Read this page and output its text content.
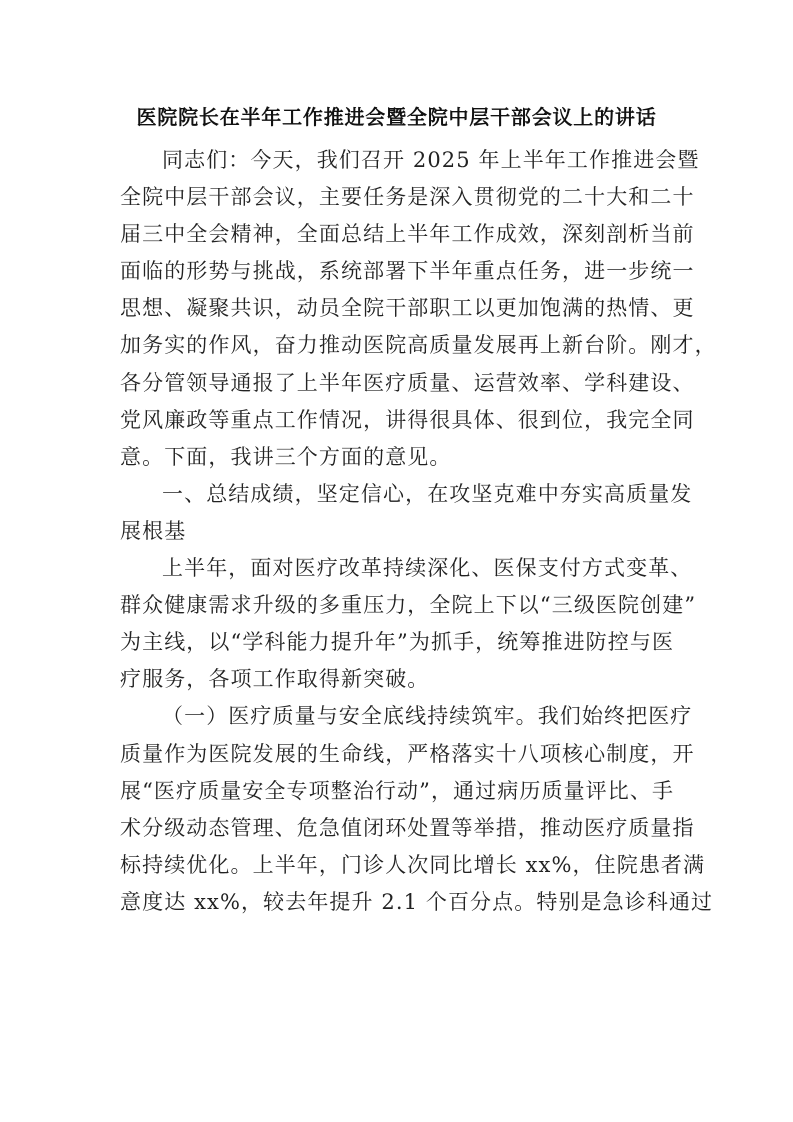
医院院长在半年工作推进会暨全院中层干部会议上的讲话
同志们：今天，我们召开 2025 年上半年工作推进会暨
全院中层干部会议，主要任务是深入贯彻党的二十大和二十
届三中全会精神，全面总结上半年工作成效，深刻剖析当前
面临的形势与挑战，系统部署下半年重点任务，进一步统一
思想、凝聚共识，动员全院干部职工以更加饱满的热情、更
加务实的作风，奋力推动医院高质量发展再上新台阶。刚才，
各分管领导通报了上半年医疗质量、运营效率、学科建设、
党风廉政等重点工作情况，讲得很具体、很到位，我完全同
意。下面，我讲三个方面的意见。
一、总结成绩，坚定信心，在攻坚克难中夯实高质量发
展根基
上半年，面对医疗改革持续深化、医保支付方式变革、
群众健康需求升级的多重压力，全院上下以“三级医院创建”
为主线，以“学科能力提升年”为抓手，统筹推进防控与医
疗服务，各项工作取得新突破。
（一）医疗质量与安全底线持续筑牢。我们始终把医疗
质量作为医院发展的生命线，严格落实十八项核心制度，开
展“医疗质量安全专项整治行动”，通过病历质量评比、手
术分级动态管理、危急值闭环处置等举措，推动医疗质量指
标持续优化。上半年，门诊人次同比增长 xx%，住院患者满
意度达 xx%，较去年提升 2.1 个百分点。特别是急诊科通过
